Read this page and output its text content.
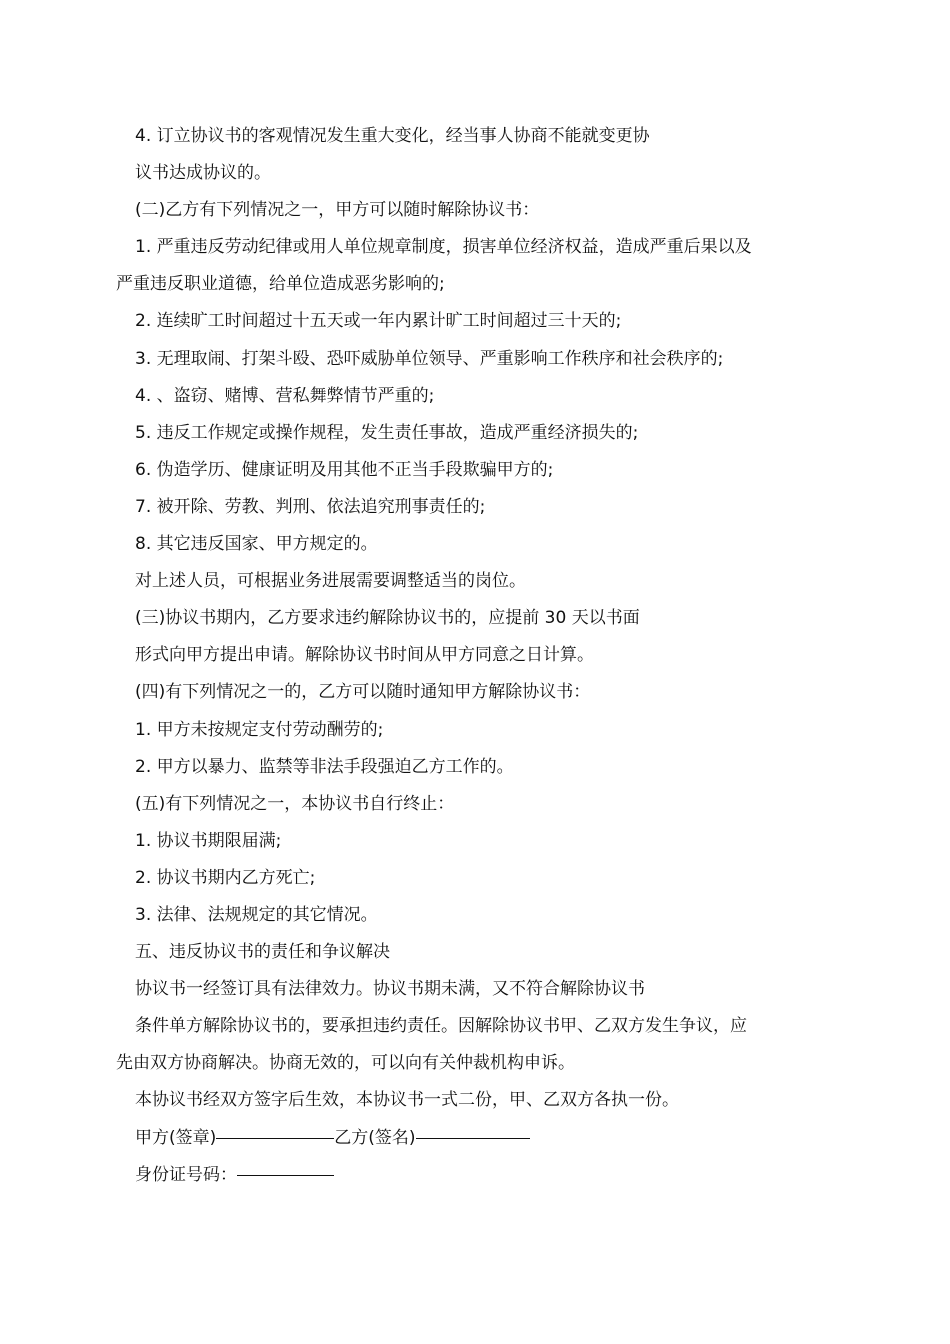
4. 订立协议书的客观情况发生重大变化，经当事人协商不能就变更协
议书达成协议的。
(二)乙方有下列情况之一，甲方可以随时解除协议书：
1. 严重违反劳动纪律或用人单位规章制度，损害单位经济权益，造成严重后果以及
严重违反职业道德，给单位造成恶劣影响的;
2. 连续旷工时间超过十五天或一年内累计旷工时间超过三十天的;
3. 无理取闹、打架斗殴、恐吓威胁单位领导、严重影响工作秩序和社会秩序的;
4. 、盗窃、赌博、营私舞弊情节严重的;
5. 违反工作规定或操作规程，发生责任事故，造成严重经济损失的;
6. 伪造学历、健康证明及用其他不正当手段欺骗甲方的;
7. 被开除、劳教、判刑、依法追究刑事责任的;
8. 其它违反国家、甲方规定的。
对上述人员，可根据业务进展需要调整适当的岗位。
(三)协议书期内，乙方要求违约解除协议书的，应提前 30 天以书面
形式向甲方提出申请。解除协议书时间从甲方同意之日计算。
(四)有下列情况之一的，乙方可以随时通知甲方解除协议书：
1. 甲方未按规定支付劳动酬劳的;
2. 甲方以暴力、监禁等非法手段强迫乙方工作的。
(五)有下列情况之一，本协议书自行终止：
1. 协议书期限届满;
2. 协议书期内乙方死亡;
3. 法律、法规规定的其它情况。
五、违反协议书的责任和争议解决
协议书一经签订具有法律效力。协议书期未满，又不符合解除协议书
条件单方解除协议书的，要承担违约责任。因解除协议书甲、乙双方发生争议，应
先由双方协商解决。协商无效的，可以向有关仲裁机构申诉。
本协议书经双方签字后生效，本协议书一式二份，甲、乙双方各执一份。
甲方(签章)	乙方(签名)
身份证号码：
